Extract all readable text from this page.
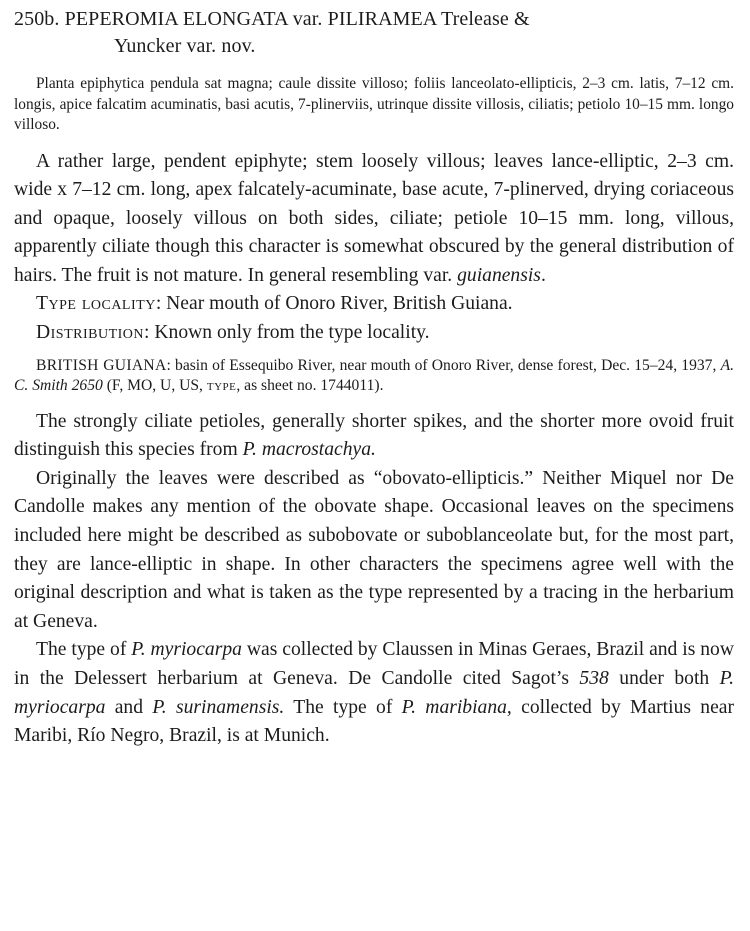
250b. PEPEROMIA ELONGATA var. PILIRAMEA Trelease &
Yuncker var. nov.

Planta epiphytica pendula sat magna; caule dissite villoso; foliis lanceolato-ellipticis, 2–3 cm. latis, 7–12 cm. longis, apice falcatim acuminatis, basi acutis, 7-plinerviis, utrinque dissite villosis, ciliatis; petiolo 10–15 mm. longo villoso.

A rather large, pendent epiphyte; stem loosely villous; leaves lance-elliptic, 2–3 cm. wide x 7–12 cm. long, apex falcately-acuminate, base acute, 7-plinerved, drying coriaceous and opaque, loosely villous on both sides, ciliate; petiole 10–15 mm. long, villous, apparently ciliate though this character is somewhat obscured by the general distribution of hairs. The fruit is not mature. In general resembling var. guianensis.

Type locality: Near mouth of Onoro River, British Guiana.

Distribution: Known only from the type locality.

BRITISH GUIANA: basin of Essequibo River, near mouth of Onoro River, dense forest, Dec. 15–24, 1937, A. C. Smith 2650 (F, MO, U, US, type, as sheet no. 1744011).

The strongly ciliate petioles, generally shorter spikes, and the shorter more ovoid fruit distinguish this species from P. macrostachya.

Originally the leaves were described as “obovato-ellipticis.” Neither Miquel nor De Candolle makes any mention of the obovate shape. Occasional leaves on the specimens included here might be described as subobovate or suboblanceolate but, for the most part, they are lance-elliptic in shape. In other characters the specimens agree well with the original description and what is taken as the type represented by a tracing in the herbarium at Geneva.

The type of P. myriocarpa was collected by Claussen in Minas Geraes, Brazil and is now in the Delessert herbarium at Geneva. De Candolle cited Sagot’s 538 under both P. myriocarpa and P. surinamensis. The type of P. maribiana, collected by Martius near Maribi, Río Negro, Brazil, is at Munich.
